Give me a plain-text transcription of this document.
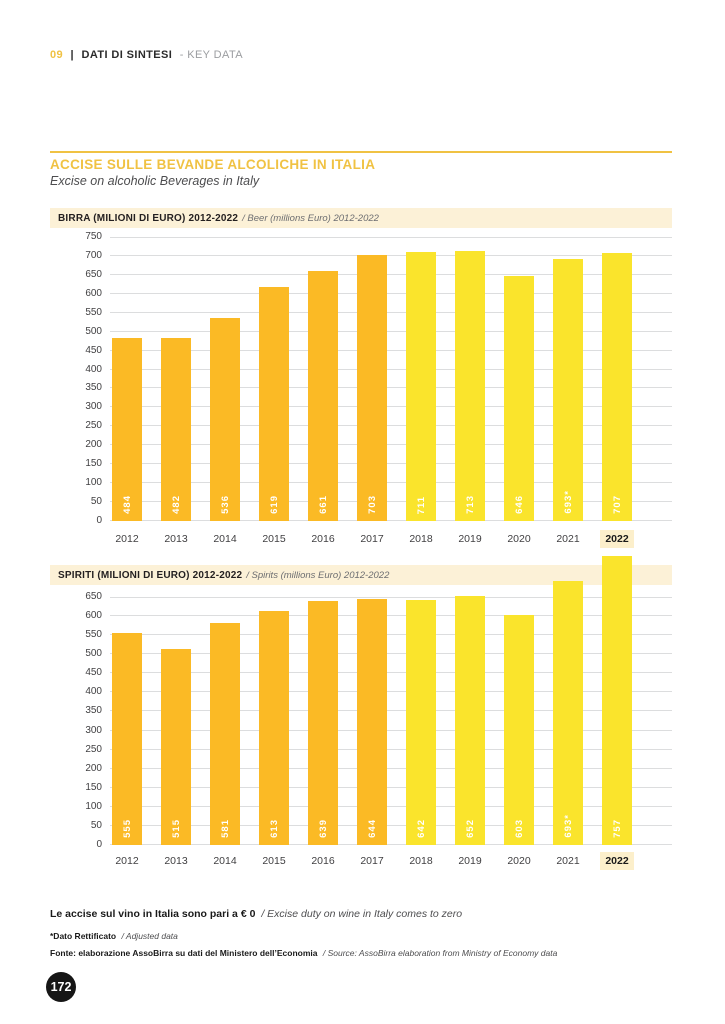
09 | DATI DI SINTESI - KEY DATA
ACCISE SULLE BEVANDE ALCOLICHE IN ITALIA
Excise on alcoholic Beverages in Italy
BIRRA (MILIONI DI EURO) 2012-2022 / Beer (millions Euro) 2012-2022
750
700
650
600
550
500
450
400
350
300
250
200
150
100
50
0
484	482	536	619	661	703	711	713	646	693*	707
2012 2013 2014 2015 2016 2017 2018 2019 2020 2021	2022
SPIRITI (MILIONI DI EURO) 2012-2022 / Spirits (millions Euro) 2012-2022
650
600
550
500
450
400
350
300
250
200
150
100
50
0
555	515	581	613	639	644	642	652	603	693*	757
2012 2013 2014 2015 2016 2017 2018 2019 2020 2021	2022
Le accise sul vino in Italia sono pari a € 0 / Excise duty on wine in Italy comes to zero
*Dato Rettificato / Adjusted data
Fonte: elaborazione AssoBirra su dati del Ministero dell’Economia / Source: AssoBirra elaboration from Ministry of Economy data
172
